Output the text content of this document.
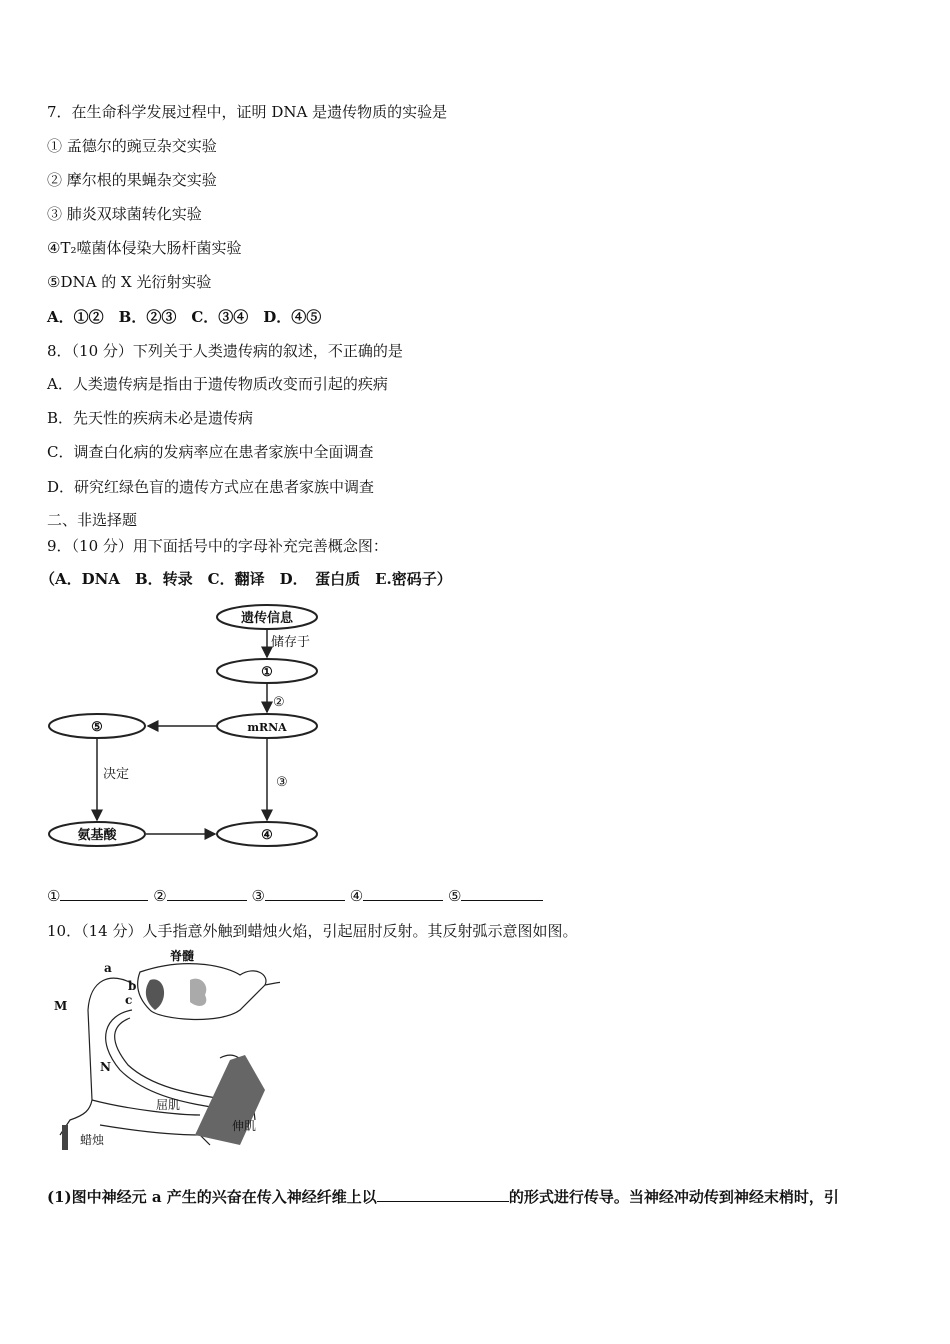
7．在生命科学发展过程中，证明 DNA 是遗传物质的实验是
① 孟德尔的豌豆杂交实验
② 摩尔根的果蝇杂交实验
③ 肺炎双球菌转化实验
④T₂噬菌体侵染大肠杆菌实验
⑤DNA 的 X 光衍射实验
A．①②　B．②③　C．③④　D．④⑤
8．（10 分）下列关于人类遗传病的叙述，不正确的是
A．人类遗传病是指由于遗传物质改变而引起的疾病
B．先天性的疾病未必是遗传病
C．调查白化病的发病率应在患者家族中全面调查
D．研究红绿色盲的遗传方式应在患者家族中调查
二、非选择题
9．（10 分）用下面括号中的字母补充完善概念图：
（A．DNA　B．转录　C．翻译　D．　蛋白质　E.密码子）
遗传信息
①
mRNA
⑤
氨基酸	④
储存于
②
③
决定
①	②	③	④	⑤
10．（14 分）人手指意外触到蜡烛火焰，引起屈肘反射。其反射弧示意图如图。
脊髓
a
b
c
M
N
屈肌
伸肌
蜡烛
(1)图中神经元 a 产生的兴奋在传入神经纤维上以	的形式进行传导。当神经冲动传到神经末梢时，引
